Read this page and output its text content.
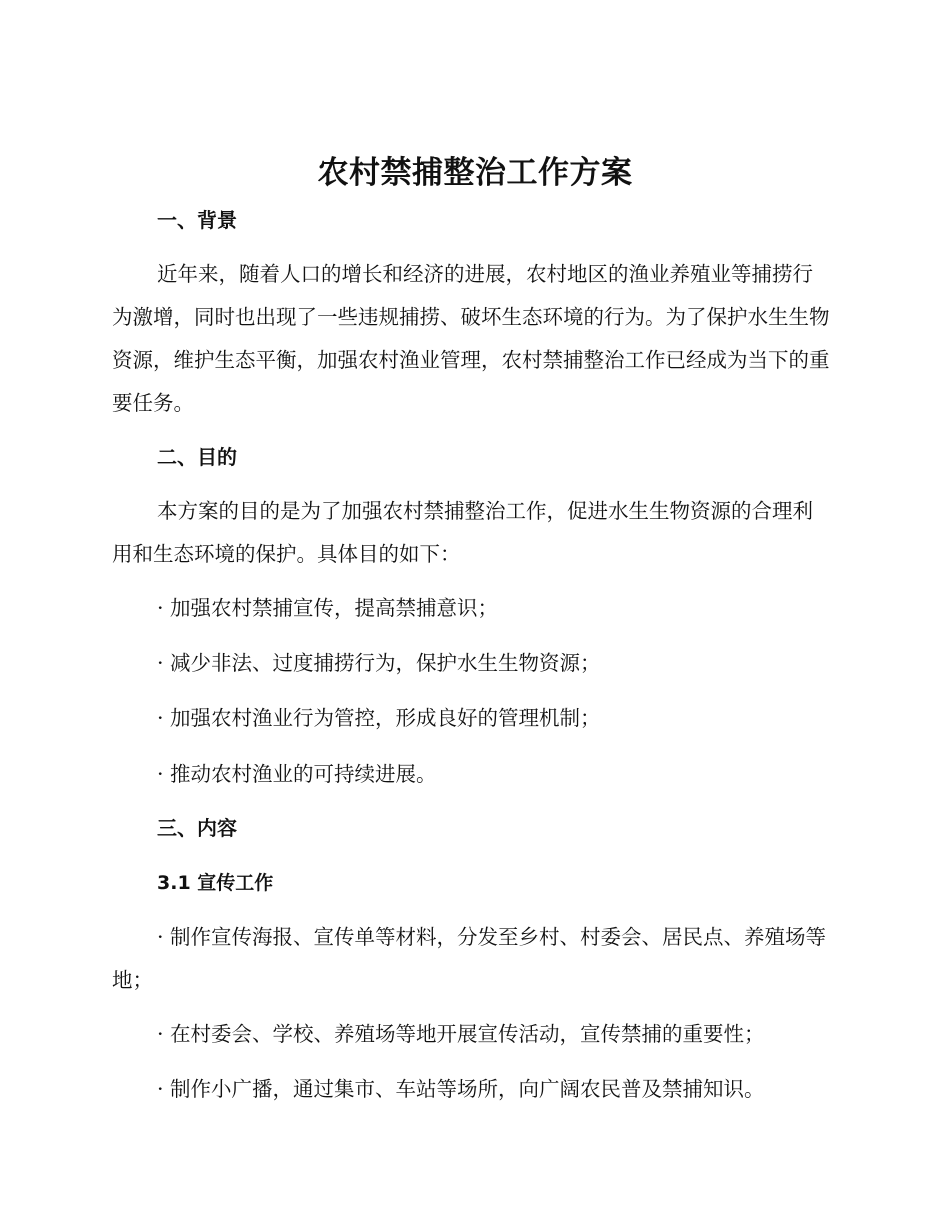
农村禁捕整治工作方案
一、背景

近年来，随着人口的增长和经济的进展，农村地区的渔业养殖业等捕捞行为激增，同时也出现了一些违规捕捞、破坏生态环境的行为。为了保护水生生物资源，维护生态平衡，加强农村渔业管理，农村禁捕整治工作已经成为当下的重要任务。

二、目的

本方案的目的是为了加强农村禁捕整治工作，促进水生生物资源的合理利用和生态环境的保护。具体目的如下：

· 加强农村禁捕宣传，提高禁捕意识；
· 减少非法、过度捕捞行为，保护水生生物资源；
· 加强农村渔业行为管控，形成良好的管理机制；
· 推动农村渔业的可持续进展。
三、内容
3.1 宣传工作

· 制作宣传海报、宣传单等材料，分发至乡村、村委会、居民点、养殖场等地；

· 在村委会、学校、养殖场等地开展宣传活动，宣传禁捕的重要性；
· 制作小广播，通过集市、车站等场所，向广阔农民普及禁捕知识。
